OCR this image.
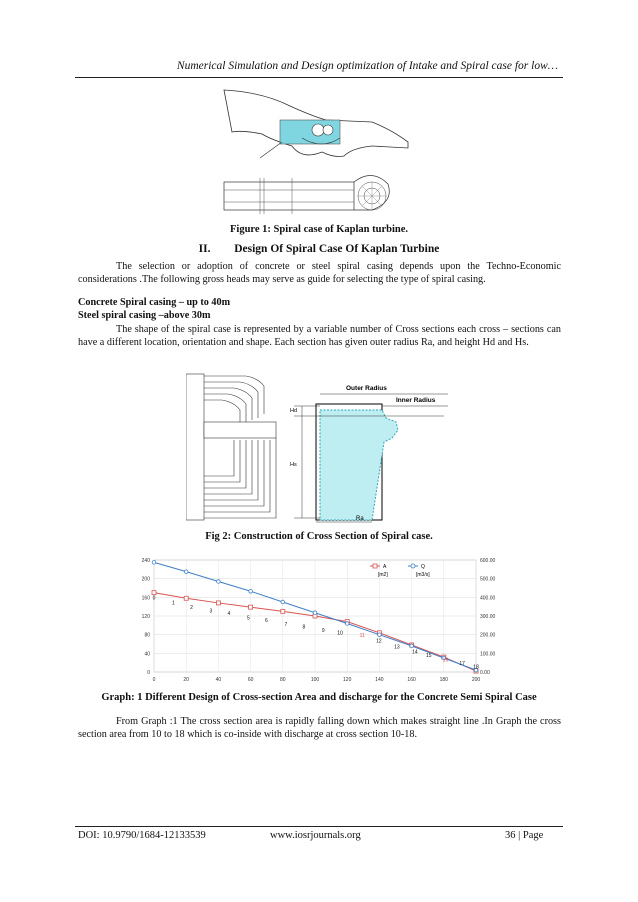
Numerical Simulation and Design optimization of Intake and Spiral case for low…
Figure 1: Spiral case of Kaplan turbine.
II. Design Of Spiral Case Of Kaplan Turbine
The selection or adoption of concrete or steel spiral casing depends upon the Techno-Economic considerations .The following gross heads may serve as guide for selecting the type of spiral casing.
Concrete Spiral casing – up to 40m
Steel spiral casing –above 30m
The shape of the spiral case is represented by a variable number of Cross sections each cross – sections can have a different location, orientation and shape. Each section has given outer radius Ra, and height Hd and Hs.
Outer Radius
Inner Radius
Hd
Hs
Ra
Fig 2: Construction of Cross Section of Spiral case.
0
40
80
120
160
200
240
0.00
100.00
200.00
300.00
400.00
500.00
600.00
0	20	40	60	80	100	120	140	160	180	200
0
1
2
3	4
5	6
7	8
9 10	11
12
13
14
15
16
17
18
A
[m2]
Q
[m3/s]
Graph: 1 Different Design of Cross-section Area and discharge for the Concrete Semi Spiral Case
From Graph :1 The cross section area is rapidly falling down which makes straight line .In Graph the cross section area from 10 to 18 which is co-inside with discharge at cross section 10-18.
DOI: 10.9790/1684-12133539	www.iosrjournals.org	36 | Page
